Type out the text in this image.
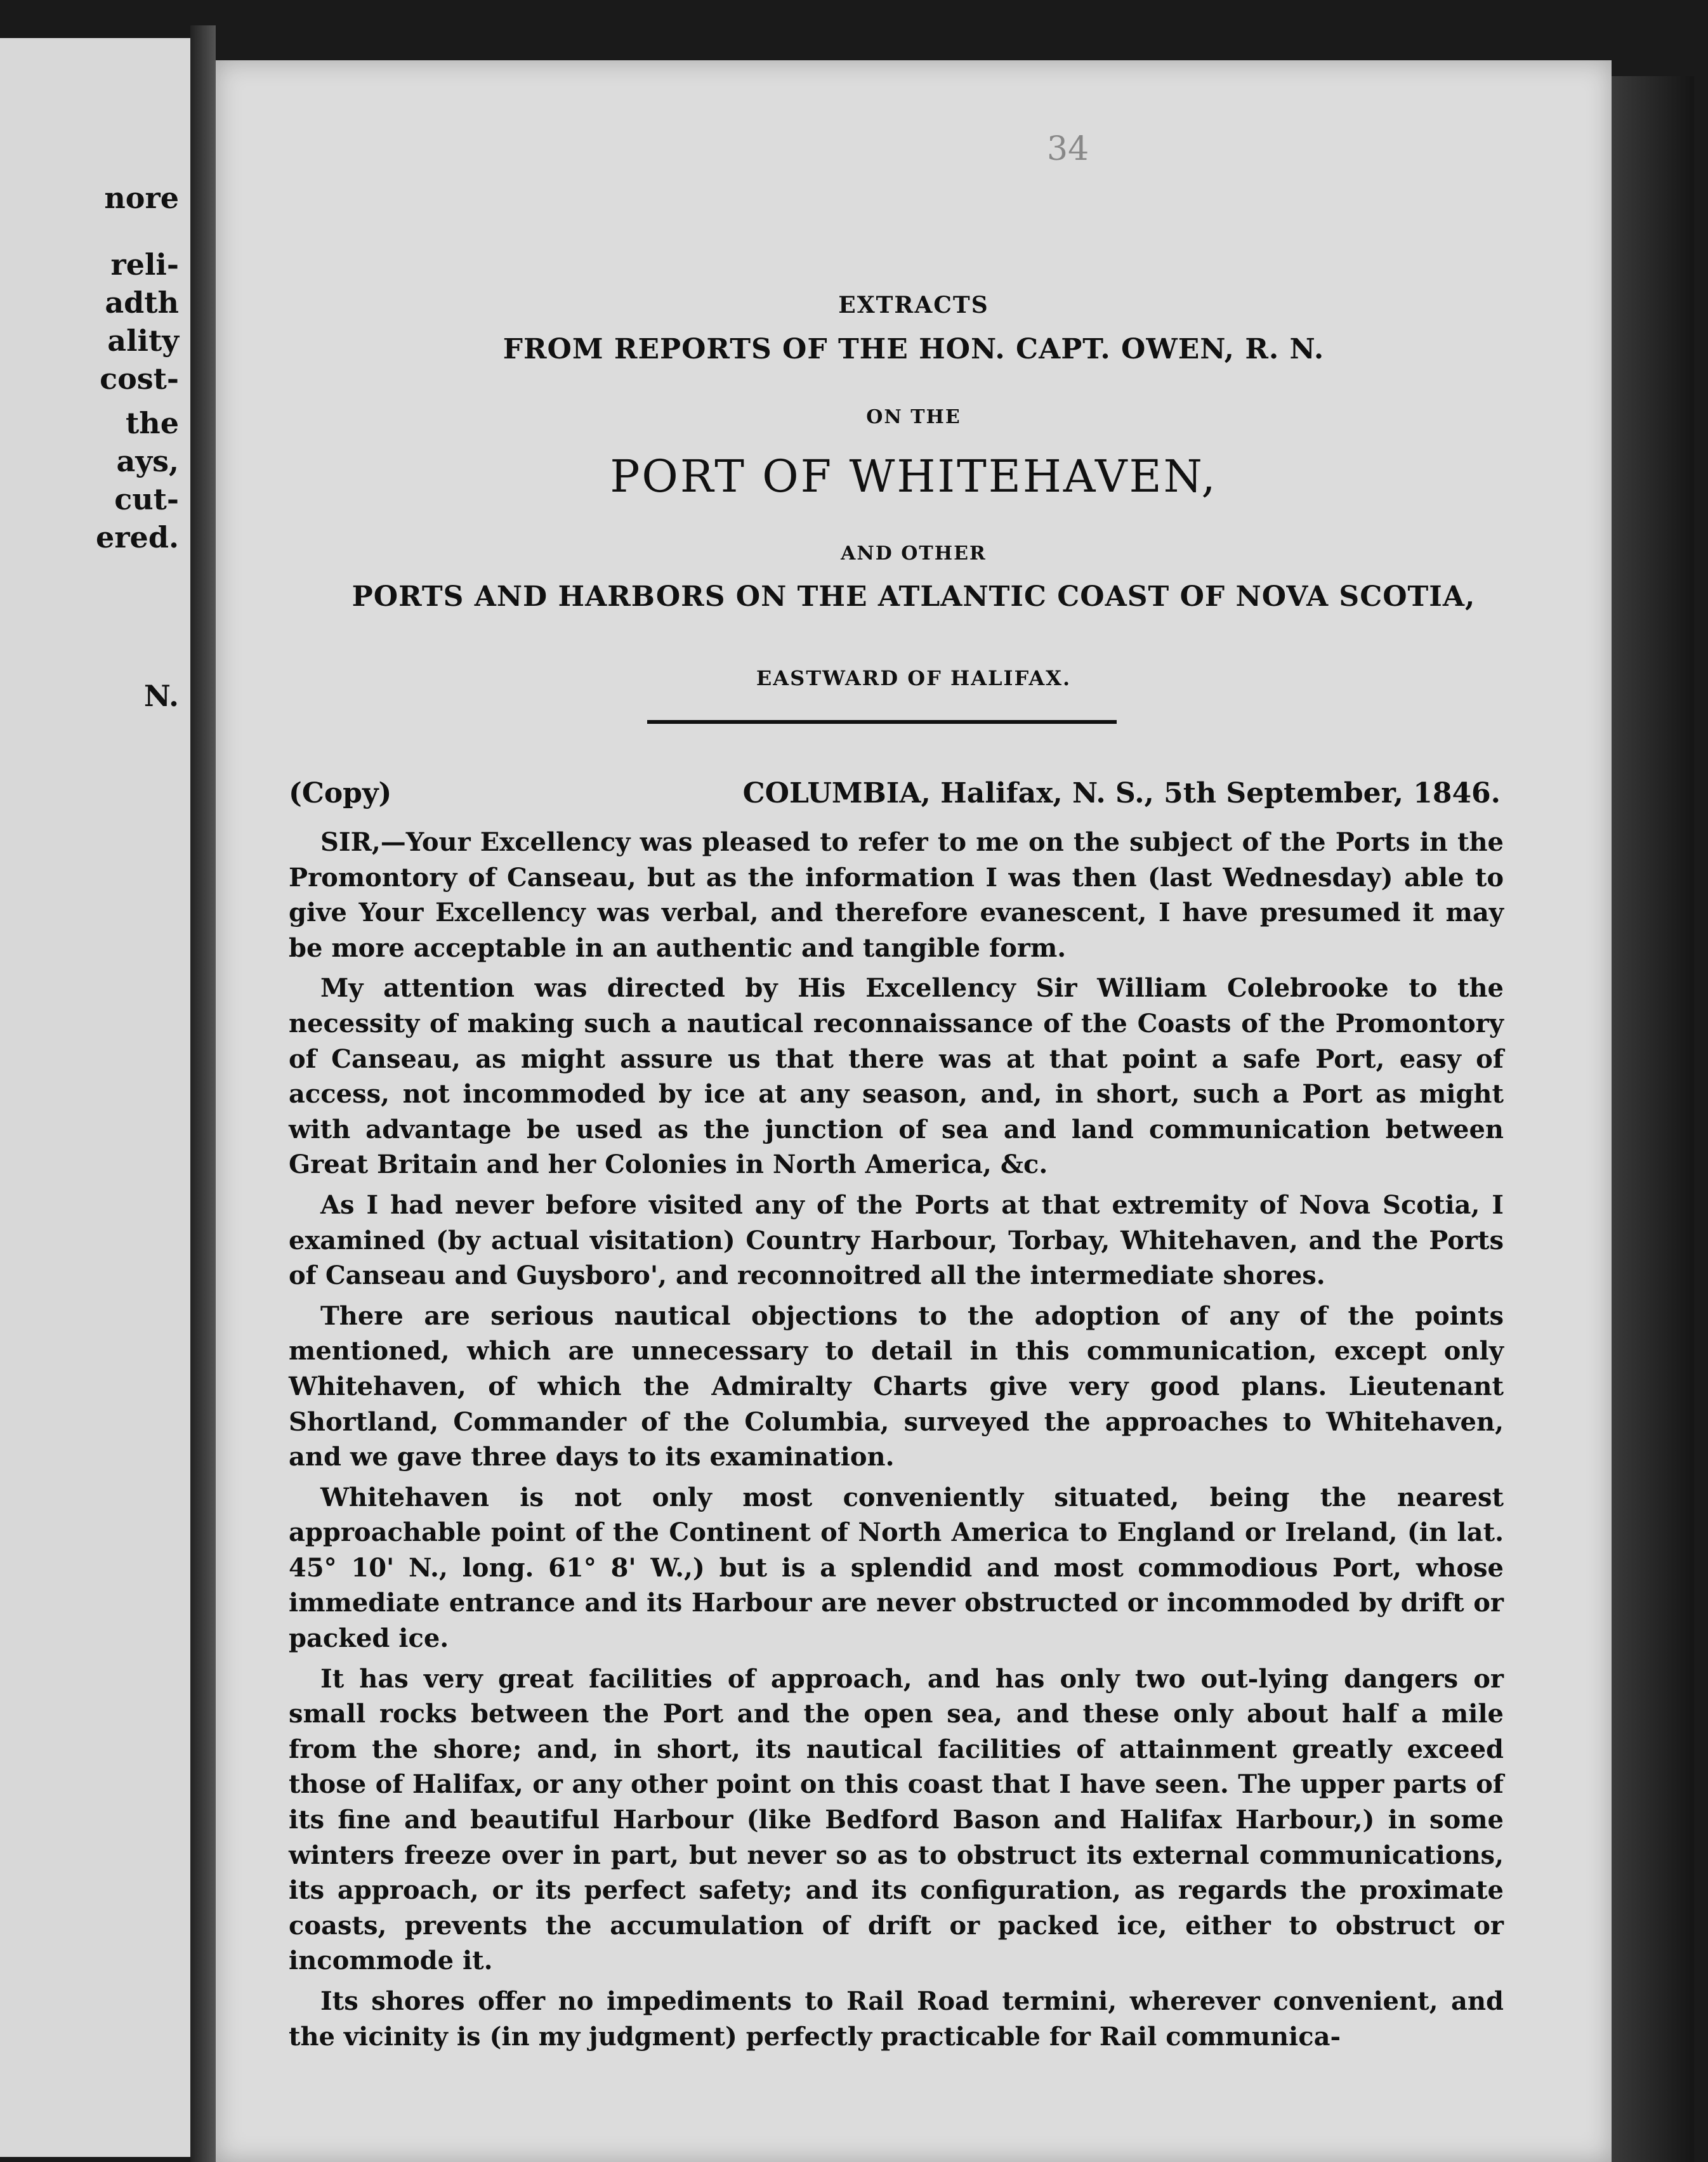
nore
reli-
adth
ality
cost-
the
ays,
cut-
ered.
N.
34
EXTRACTS
FROM REPORTS OF THE HON. CAPT. OWEN, R. N.
ON THE
PORT OF WHITEHAVEN,
AND OTHER
PORTS AND HARBORS ON THE ATLANTIC COAST OF NOVA SCOTIA,
EASTWARD OF HALIFAX.
(Copy)	COLUMBIA, Halifax, N. S., 5th September, 1846.

SIR,—Your Excellency was pleased to refer to me on the subject of the Ports in the Promontory of Canseau, but as the information I was then (last Wednesday) able to give Your Excellency was verbal, and therefore evanescent, I have presumed it may be more acceptable in an authentic and tangible form.

My attention was directed by His Excellency Sir William Colebrooke to the necessity of making such a nautical reconnaissance of the Coasts of the Promontory of Canseau, as might assure us that there was at that point a safe Port, easy of access, not incommoded by ice at any season, and, in short, such a Port as might with advantage be used as the junction of sea and land communication between Great Britain and her Colonies in North America, &c.

As I had never before visited any of the Ports at that extremity of Nova Scotia, I examined (by actual visitation) Country Harbour, Torbay, Whitehaven, and the Ports of Canseau and Guysboro', and reconnoitred all the intermediate shores.

There are serious nautical objections to the adoption of any of the points mentioned, which are unnecessary to detail in this communication, except only Whitehaven, of which the Admiralty Charts give very good plans. Lieutenant Shortland, Commander of the Columbia, surveyed the approaches to Whitehaven, and we gave three days to its examination.

Whitehaven is not only most conveniently situated, being the nearest approachable point of the Continent of North America to England or Ireland, (in lat. 45° 10' N., long. 61° 8' W.,) but is a splendid and most commodious Port, whose immediate entrance and its Harbour are never obstructed or incommoded by drift or packed ice.

It has very great facilities of approach, and has only two out-lying dangers or small rocks between the Port and the open sea, and these only about half a mile from the shore; and, in short, its nautical facilities of attainment greatly exceed those of Halifax, or any other point on this coast that I have seen. The upper parts of its fine and beautiful Harbour (like Bedford Bason and Halifax Harbour,) in some winters freeze over in part, but never so as to obstruct its external communications, its approach, or its perfect safety; and its configuration, as regards the proximate coasts, prevents the accumulation of drift or packed ice, either to obstruct or incommode it.

Its shores offer no impediments to Rail Road termini, wherever convenient, and the vicinity is (in my judgment) perfectly practicable for Rail communica-
